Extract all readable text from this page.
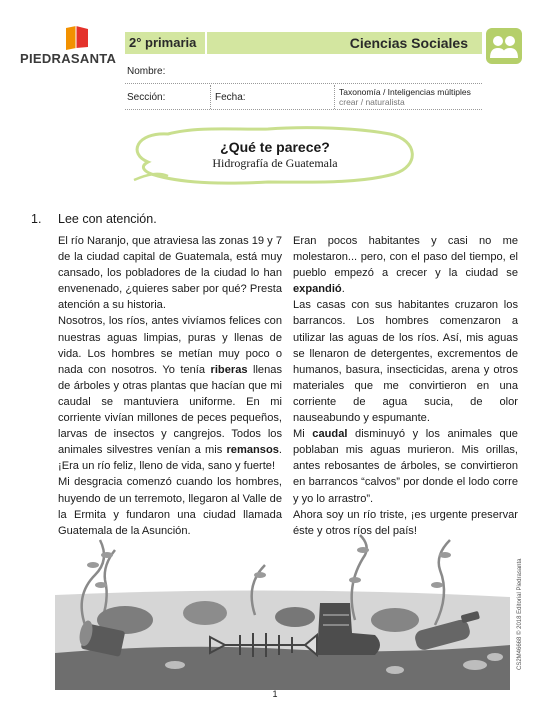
PIEDRASANTA
2° primaria	Ciencias Sociales
Nombre:
Sección:	Fecha:	Taxonomía / Inteligencias múltiples
crear / naturalista
¿Qué te parece?
Hidrografía de Guatemala
1. Lee con atención.

El río Naranjo, que atraviesa las zonas 19 y 7 de la ciudad capital de Guatemala, está muy cansado, los pobladores de la ciudad lo han envenenado, ¿quieres saber por qué? Presta atención a su historia.

Nosotros, los ríos, antes vivíamos felices con nuestras aguas limpias, puras y llenas de vida. Los hombres se metían muy poco o nada con nosotros. Yo tenía riberas llenas de árboles y otras plantas que hacían que mi caudal se mantuviera uniforme. En mi corriente vivían millones de peces pequeños, larvas de insectos y cangrejos. Todos los animales silvestres venían a mis remansos. ¡Era un río feliz, lleno de vida, sano y fuerte!

Mi desgracia comenzó cuando los hombres, huyendo de un terremoto, llegaron al Valle de la Ermita y fundaron una ciudad llamada Guatemala de la Asunción.

Eran pocos habitantes y casi no me molestaron... pero, con el paso del tiempo, el pueblo empezó a crecer y la ciudad se expandió.

Las casas con sus habitantes cruzaron los barrancos. Los hombres comenzaron a utilizar las aguas de los ríos. Así, mis aguas se llenaron de detergentes, excrementos de humanos, basura, insecticidas, arena y otros materiales que me convirtieron en una corriente de agua sucia, de olor nauseabundo y espumante.

Mi caudal disminuyó y los animales que poblaban mis aguas murieron. Mis orillas, antes rebosantes de árboles, se convirtieron en barrancos “calvos” por donde el lodo corre y yo lo arrastro”.

Ahora soy un río triste, ¡es urgente preservar éste y otros ríos del país!

1
CS2M46668 © 2018 Editorial Piedrasanta
